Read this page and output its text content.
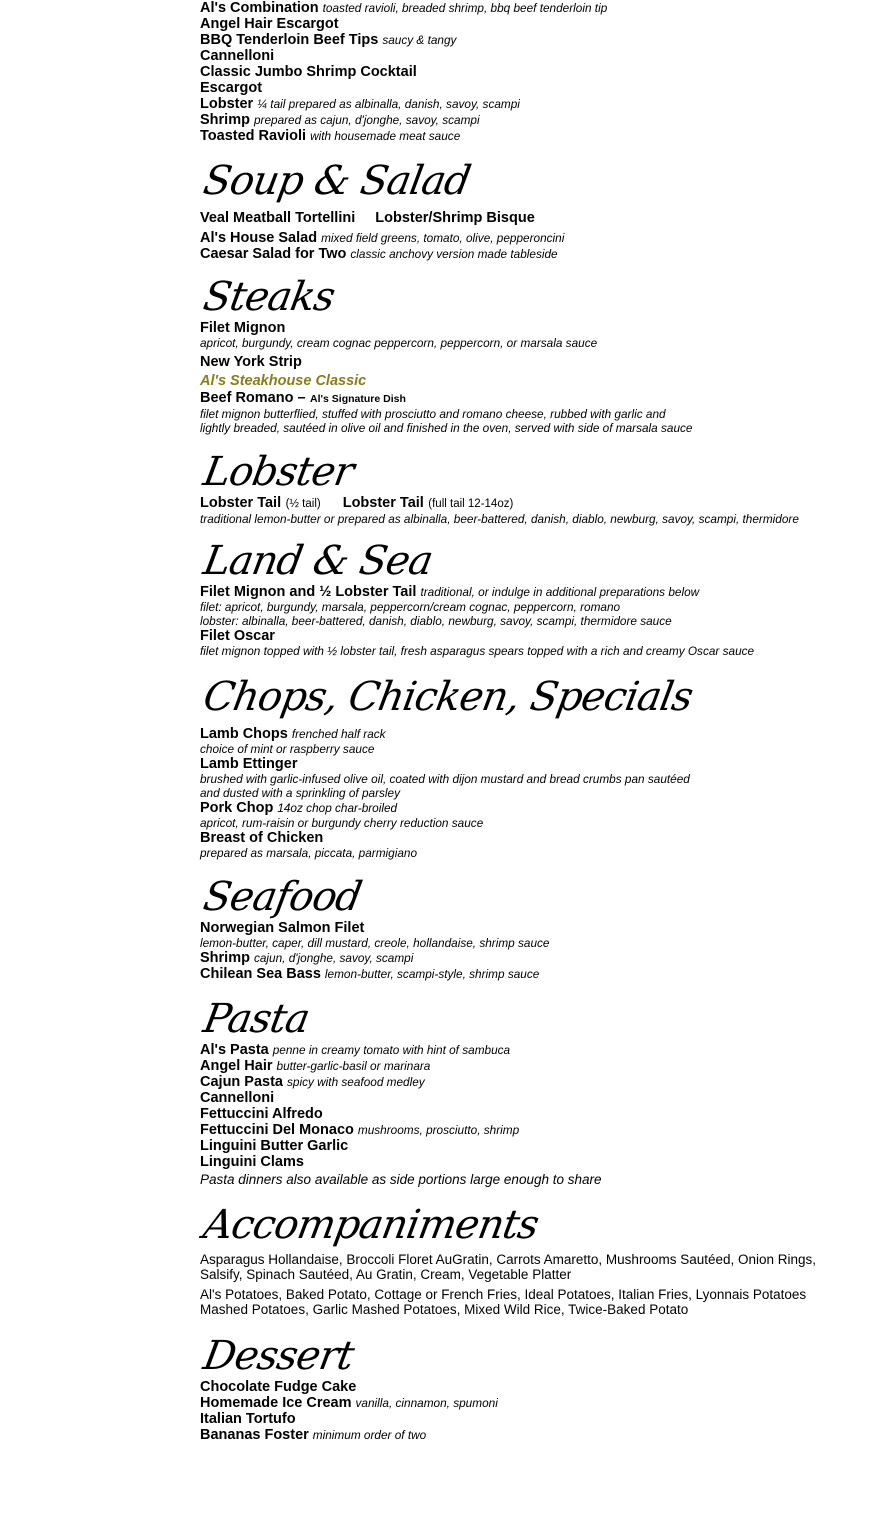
Al's Combination toasted ravioli, breaded shrimp, bbq beef tenderloin tip
Angel Hair Escargot
BBQ Tenderloin Beef Tips saucy & tangy
Cannelloni
Classic Jumbo Shrimp Cocktail
Escargot
Lobster ¼ tail prepared as albinalla, danish, savoy, scampi
Shrimp prepared as cajun, d'jonghe, savoy, scampi
Toasted Ravioli with housemade meat sauce
Soup & Salad
Veal Meatball Tortellini Lobster/Shrimp Bisque
Al's House Salad mixed field greens, tomato, olive, pepperoncini
Caesar Salad for Two classic anchovy version made tableside
Steaks
Filet Mignon
apricot, burgundy, cream cognac peppercorn, peppercorn, or marsala sauce
New York Strip
Al's Steakhouse Classic
Beef Romano – Al's Signature Dish
filet mignon butterflied, stuffed with prosciutto and romano cheese, rubbed with garlic and
lightly breaded, sautéed in olive oil and finished in the oven, served with side of marsala sauce
Lobster
Lobster Tail (½ tail) Lobster Tail (full tail 12-14oz)
traditional lemon-butter or prepared as albinalla, beer-battered, danish, diablo, newburg, savoy, scampi, thermidore
Land & Sea
Filet Mignon and ½ Lobster Tail traditional, or indulge in additional preparations below
filet: apricot, burgundy, marsala, peppercorn/cream cognac, peppercorn, romano
lobster: albinalla, beer-battered, danish, diablo, newburg, savoy, scampi, thermidore sauce
Filet Oscar
filet mignon topped with ½ lobster tail, fresh asparagus spears topped with a rich and creamy Oscar sauce
Chops, Chicken, Specials
Lamb Chops frenched half rack
choice of mint or raspberry sauce
Lamb Ettinger
brushed with garlic-infused olive oil, coated with dijon mustard and bread crumbs pan sautéed
and dusted with a sprinkling of parsley
Pork Chop 14oz chop char-broiled
apricot, rum-raisin or burgundy cherry reduction sauce
Breast of Chicken
prepared as marsala, piccata, parmigiano
Seafood
Norwegian Salmon Filet
lemon-butter, caper, dill mustard, creole, hollandaise, shrimp sauce
Shrimp cajun, d'jonghe, savoy, scampi
Chilean Sea Bass lemon-butter, scampi-style, shrimp sauce
Pasta
Al's Pasta penne in creamy tomato with hint of sambuca
Angel Hair butter-garlic-basil or marinara
Cajun Pasta spicy with seafood medley
Cannelloni
Fettuccini Alfredo
Fettuccini Del Monaco mushrooms, prosciutto, shrimp
Linguini Butter Garlic
Linguini Clams
Pasta dinners also available as side portions large enough to share
Accompaniments
Asparagus Hollandaise, Broccoli Floret AuGratin, Carrots Amaretto, Mushrooms Sautéed, Onion Rings,
Salsify, Spinach Sautéed, Au Gratin, Cream, Vegetable Platter
Al's Potatoes, Baked Potato, Cottage or French Fries, Ideal Potatoes, Italian Fries, Lyonnais Potatoes
Mashed Potatoes, Garlic Mashed Potatoes, Mixed Wild Rice, Twice-Baked Potato
Dessert
Chocolate Fudge Cake
Homemade Ice Cream vanilla, cinnamon, spumoni
Italian Tortufo
Bananas Foster minimum order of two
